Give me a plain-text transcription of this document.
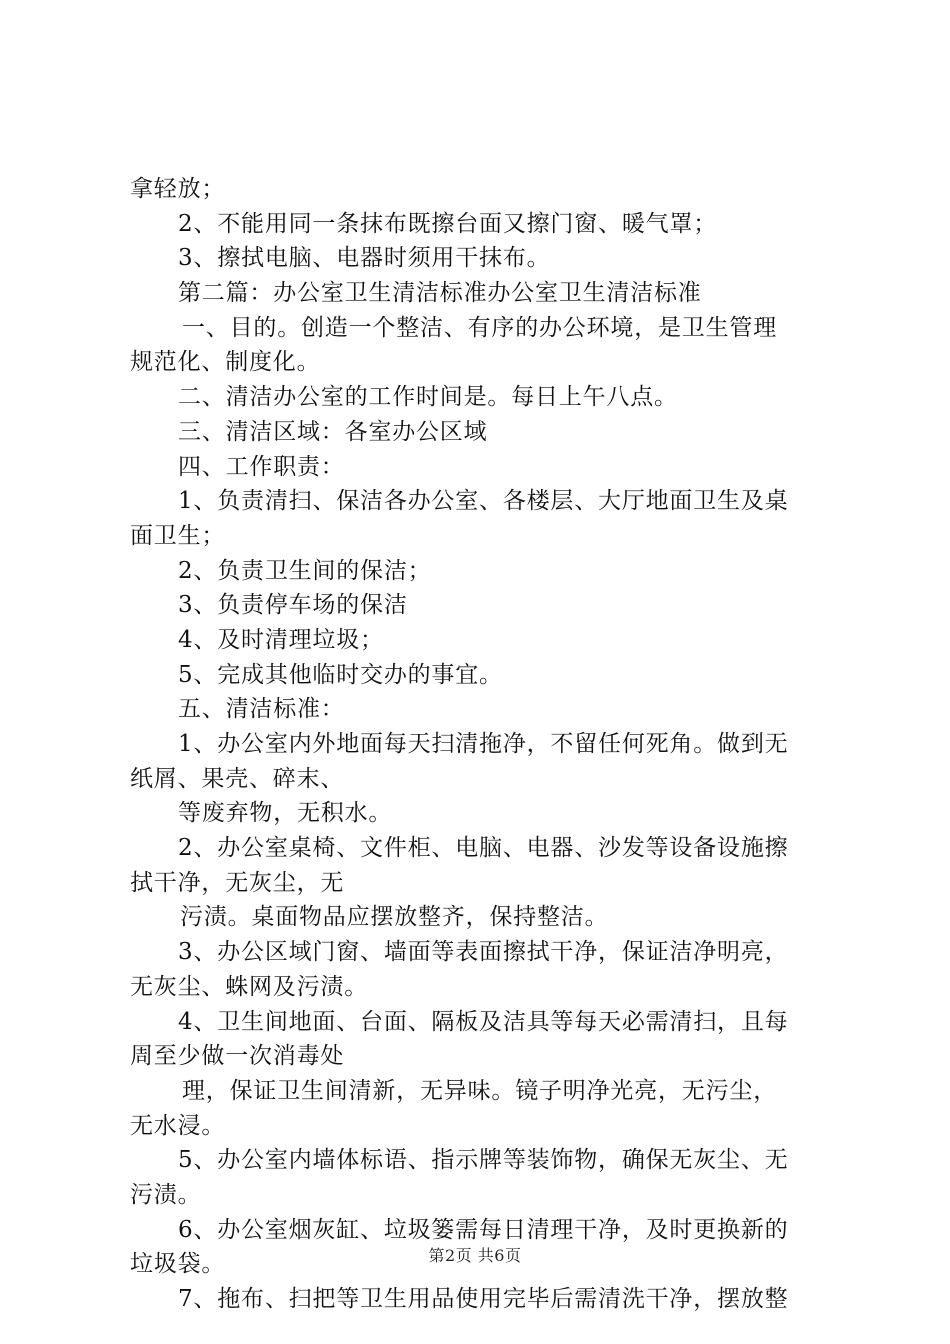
拿轻放；
2、不能用同一条抹布既擦台面又擦门窗、暖气罩；
3、擦拭电脑、电器时须用干抹布。
第二篇：办公室卫生清洁标准办公室卫生清洁标准
一、目的。创造一个整洁、有序的办公环境，是卫生管理
规范化、制度化。
二、清洁办公室的工作时间是。每日上午八点。
三、清洁区域：各室办公区域
四、工作职责：
1、负责清扫、保洁各办公室、各楼层、大厅地面卫生及桌
面卫生；
2、负责卫生间的保洁；
3、负责停车场的保洁
4、及时清理垃圾；
5、完成其他临时交办的事宜。
五、清洁标准：
1、办公室内外地面每天扫清拖净，不留任何死角。做到无
纸屑、果壳、碎末、
等废弃物，无积水。
2、办公室桌椅、文件柜、电脑、电器、沙发等设备设施擦
拭干净，无灰尘，无
污渍。桌面物品应摆放整齐，保持整洁。
3、办公区域门窗、墙面等表面擦拭干净，保证洁净明亮，
无灰尘、蛛网及污渍。
4、卫生间地面、台面、隔板及洁具等每天必需清扫，且每
周至少做一次消毒处
理，保证卫生间清新，无异味。镜子明净光亮，无污尘，
无水浸。
5、办公室内墙体标语、指示牌等装饰物，确保无灰尘、无
污渍。
6、办公室烟灰缸、垃圾篓需每日清理干净，及时更换新的
垃圾袋。
7、拖布、扫把等卫生用品使用完毕后需清洗干净，摆放整
第2页 共6页
